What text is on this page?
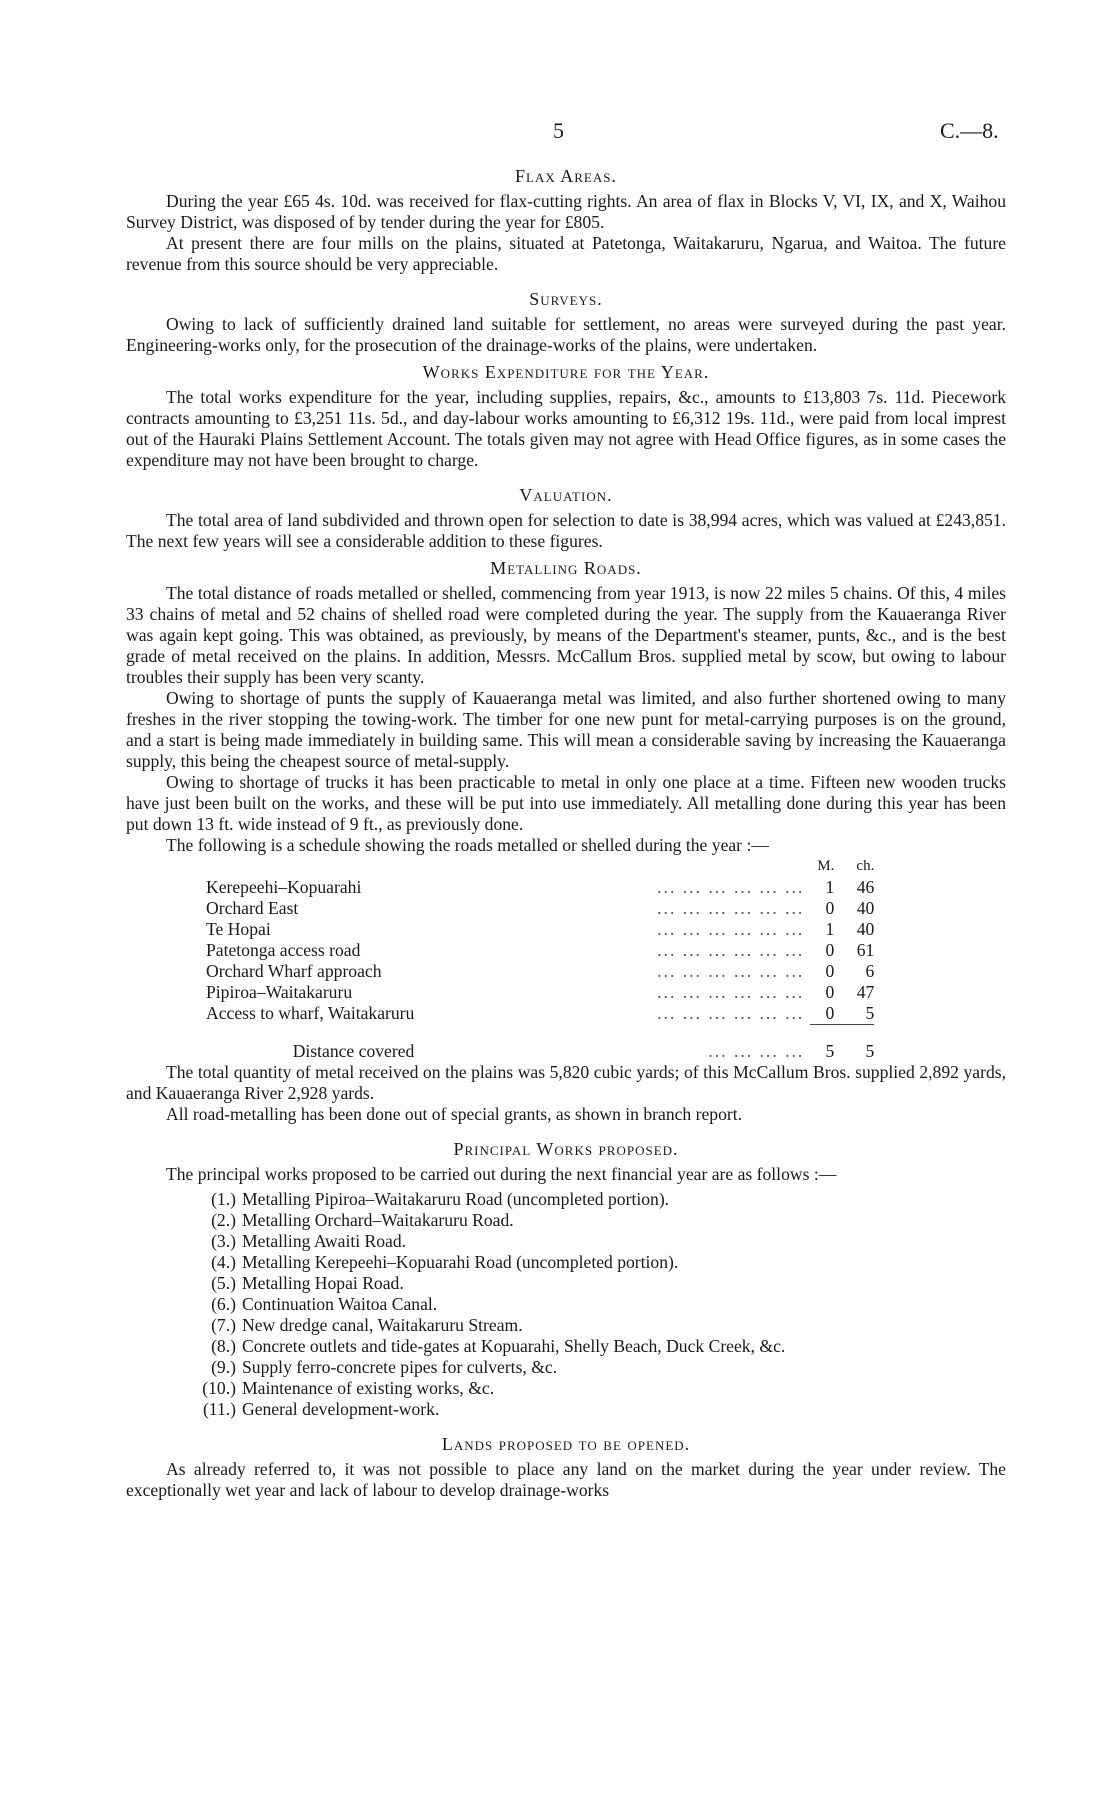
5	C.—8.
Flax Areas.

During the year £65 4s. 10d. was received for flax-cutting rights. An area of flax in Blocks V, VI, IX, and X, Waihou Survey District, was disposed of by tender during the year for £805.

At present there are four mills on the plains, situated at Patetonga, Waitakaruru, Ngarua, and Waitoa. The future revenue from this source should be very appreciable.

Surveys.

Owing to lack of sufficiently drained land suitable for settlement, no areas were surveyed during the past year. Engineering-works only, for the prosecution of the drainage-works of the plains, were undertaken.

Works Expenditure for the Year.

The total works expenditure for the year, including supplies, repairs, &c., amounts to £13,803 7s. 11d. Piecework contracts amounting to £3,251 11s. 5d., and day-labour works amounting to £6,312 19s. 11d., were paid from local imprest out of the Hauraki Plains Settlement Account. The totals given may not agree with Head Office figures, as in some cases the expenditure may not have been brought to charge.

Valuation.

The total area of land subdivided and thrown open for selection to date is 38,994 acres, which was valued at £243,851. The next few years will see a considerable addition to these figures.

Metalling Roads.

The total distance of roads metalled or shelled, commencing from year 1913, is now 22 miles 5 chains. Of this, 4 miles 33 chains of metal and 52 chains of shelled road were completed during the year. The supply from the Kauaeranga River was again kept going. This was obtained, as previously, by means of the Department's steamer, punts, &c., and is the best grade of metal received on the plains. In addition, Messrs. McCallum Bros. supplied metal by scow, but owing to labour troubles their supply has been very scanty.

Owing to shortage of punts the supply of Kauaeranga metal was limited, and also further shortened owing to many freshes in the river stopping the towing-work. The timber for one new punt for metal-carrying purposes is on the ground, and a start is being made immediately in building same. This will mean a considerable saving by increasing the Kauaeranga supply, this being the cheapest source of metal-supply.

Owing to shortage of trucks it has been practicable to metal in only one place at a time. Fifteen new wooden trucks have just been built on the works, and these will be put into use immediately. All metalling done during this year has been put down 13 ft. wide instead of 9 ft., as previously done.

The following is a schedule showing the roads metalled or shelled during the year :—

		M.	ch.
Kerepeehi–Kopuarahi	... ... ... ... ... ...	1	46
Orchard East	... ... ... ... ... ...	0	40
Te Hopai	... ... ... ... ... ...	1	40
Patetonga access road	... ... ... ... ... ...	0	61
Orchard Wharf approach	... ... ... ... ... ...	0	6
Pipiroa–Waitakaruru	... ... ... ... ... ...	0	47
Access to wharf, Waitakaruru	... ... ... ... ... ...	0	5
Distance covered	... ... ... ...	5	5

The total quantity of metal received on the plains was 5,820 cubic yards; of this McCallum Bros. supplied 2,892 yards, and Kauaeranga River 2,928 yards.

All road-metalling has been done out of special grants, as shown in branch report.

Principal Works proposed.

The principal works proposed to be carried out during the next financial year are as follows :—

(1.) Metalling Pipiroa–Waitakaruru Road (uncompleted portion).
(2.) Metalling Orchard–Waitakaruru Road.
(3.) Metalling Awaiti Road.
(4.) Metalling Kerepeehi–Kopuarahi Road (uncompleted portion).
(5.) Metalling Hopai Road.
(6.) Continuation Waitoa Canal.
(7.) New dredge canal, Waitakaruru Stream.
(8.) Concrete outlets and tide-gates at Kopuarahi, Shelly Beach, Duck Creek, &c.
(9.) Supply ferro-concrete pipes for culverts, &c.
(10.) Maintenance of existing works, &c.
(11.) General development-work.
Lands proposed to be opened.

As already referred to, it was not possible to place any land on the market during the year under review. The exceptionally wet year and lack of labour to develop drainage-works
